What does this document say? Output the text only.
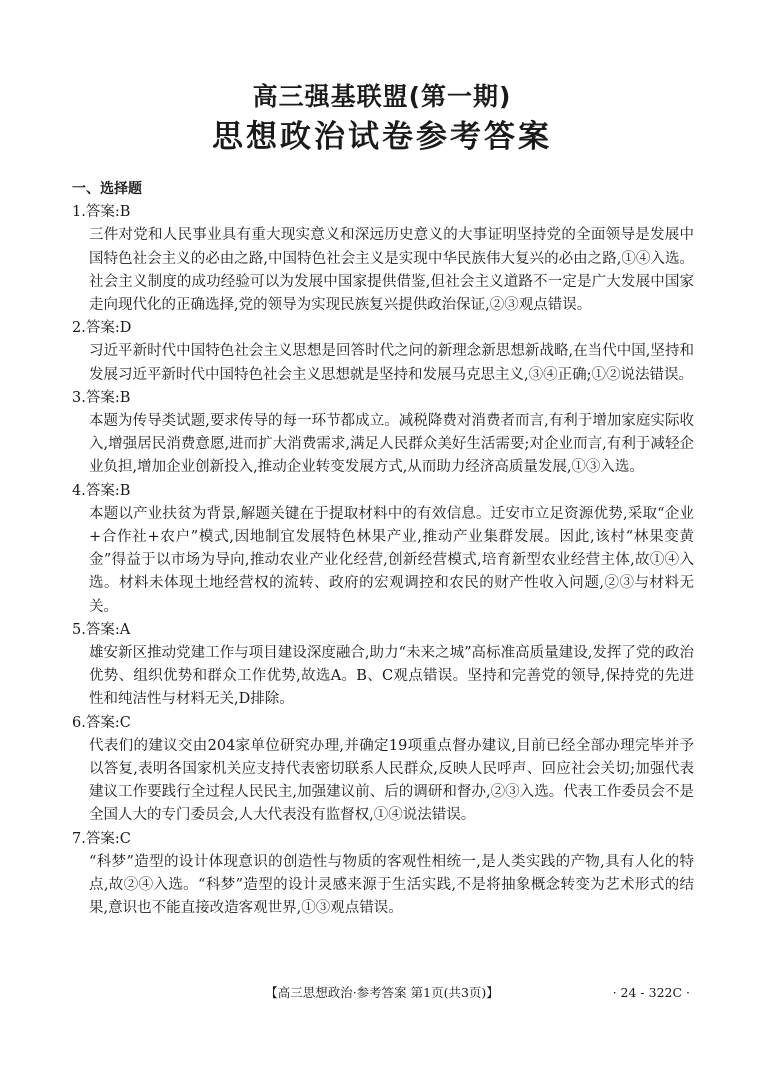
高三强基联盟(第一期)
思想政治试卷参考答案
一、选择题
1.答案:B
三件对党和人民事业具有重大现实意义和深远历史意义的大事证明坚持党的全面领导是发展中国特色社会主义的必由之路,中国特色社会主义是实现中华民族伟大复兴的必由之路,①④入选。社会主义制度的成功经验可以为发展中国家提供借鉴,但社会主义道路不一定是广大发展中国家走向现代化的正确选择,党的领导为实现民族复兴提供政治保证,②③观点错误。
2.答案:D
习近平新时代中国特色社会主义思想是回答时代之问的新理念新思想新战略,在当代中国,坚持和发展习近平新时代中国特色社会主义思想就是坚持和发展马克思主义,③④正确;①②说法错误。
3.答案:B
本题为传导类试题,要求传导的每一环节都成立。减税降费对消费者而言,有利于增加家庭实际收入,增强居民消费意愿,进而扩大消费需求,满足人民群众美好生活需要;对企业而言,有利于减轻企业负担,增加企业创新投入,推动企业转变发展方式,从而助力经济高质量发展,①③入选。
4.答案:B
本题以产业扶贫为背景,解题关键在于提取材料中的有效信息。迁安市立足资源优势,采取“企业+合作社+农户”模式,因地制宜发展特色林果产业,推动产业集群发展。因此,该村“林果变黄金”得益于以市场为导向,推动农业产业化经营,创新经营模式,培育新型农业经营主体,故①④入选。材料未体现土地经营权的流转、政府的宏观调控和农民的财产性收入问题,②③与材料无关。
5.答案:A
雄安新区推动党建工作与项目建设深度融合,助力“未来之城”高标准高质量建设,发挥了党的政治优势、组织优势和群众工作优势,故选A。B、C观点错误。坚持和完善党的领导,保持党的先进性和纯洁性与材料无关,D排除。
6.答案:C
代表们的建议交由204家单位研究办理,并确定19项重点督办建议,目前已经全部办理完毕并予以答复,表明各国家机关应支持代表密切联系人民群众,反映人民呼声、回应社会关切;加强代表建议工作要践行全过程人民民主,加强建议前、后的调研和督办,②③入选。代表工作委员会不是全国人大的专门委员会,人大代表没有监督权,①④说法错误。
7.答案:C
“科梦”造型的设计体现意识的创造性与物质的客观性相统一,是人类实践的产物,具有人化的特点,故②④入选。“科梦”造型的设计灵感来源于生活实践,不是将抽象概念转变为艺术形式的结果,意识也不能直接改造客观世界,①③观点错误。
【高三思想政治·参考答案 第1页(共3页)】	· 24 - 322C ·
